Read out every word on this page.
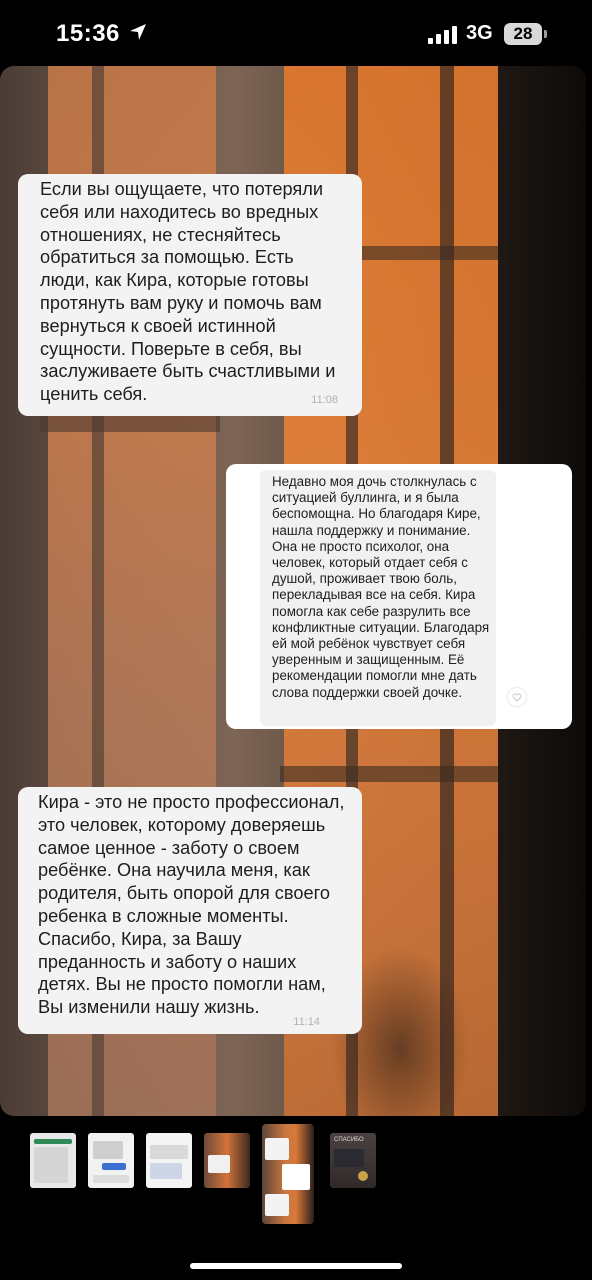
15:36	3G	28
Если вы ощущаете, что потеряли себя или находитесь во вредных отношениях, не стесняйтесь обратиться за помощью. Есть люди, как Кира, которые готовы протянуть вам руку и помочь вам вернуться к своей истинной сущности. Поверьте в себя, вы заслуживаете быть счастливыми и ценить себя.	11:08
Недавно моя дочь столкнулась с ситуацией буллинга, и я была беспомощна. Но благодаря Кире, нашла поддержку и понимание. Она не просто психолог, она человек, который отдает себя с душой, проживает твою боль, перекладывая все на себя. Кира помогла как себе разрулить все конфликтные ситуации. Благодаря ей мой ребёнок чувствует себя уверенным и защищенным. Её рекомендации помогли мне дать слова поддержки своей дочке.
Кира - это не просто профессионал, это человек, которому доверяешь самое ценное - заботу о своем ребёнке. Она научила меня, как родителя, быть опорой для своего ребенка в сложные моменты. Спасибо, Кира, за Вашу преданность и заботу о наших детях. Вы не просто помогли нам, Вы изменили нашу жизнь.
11:14
СПАСИБО
